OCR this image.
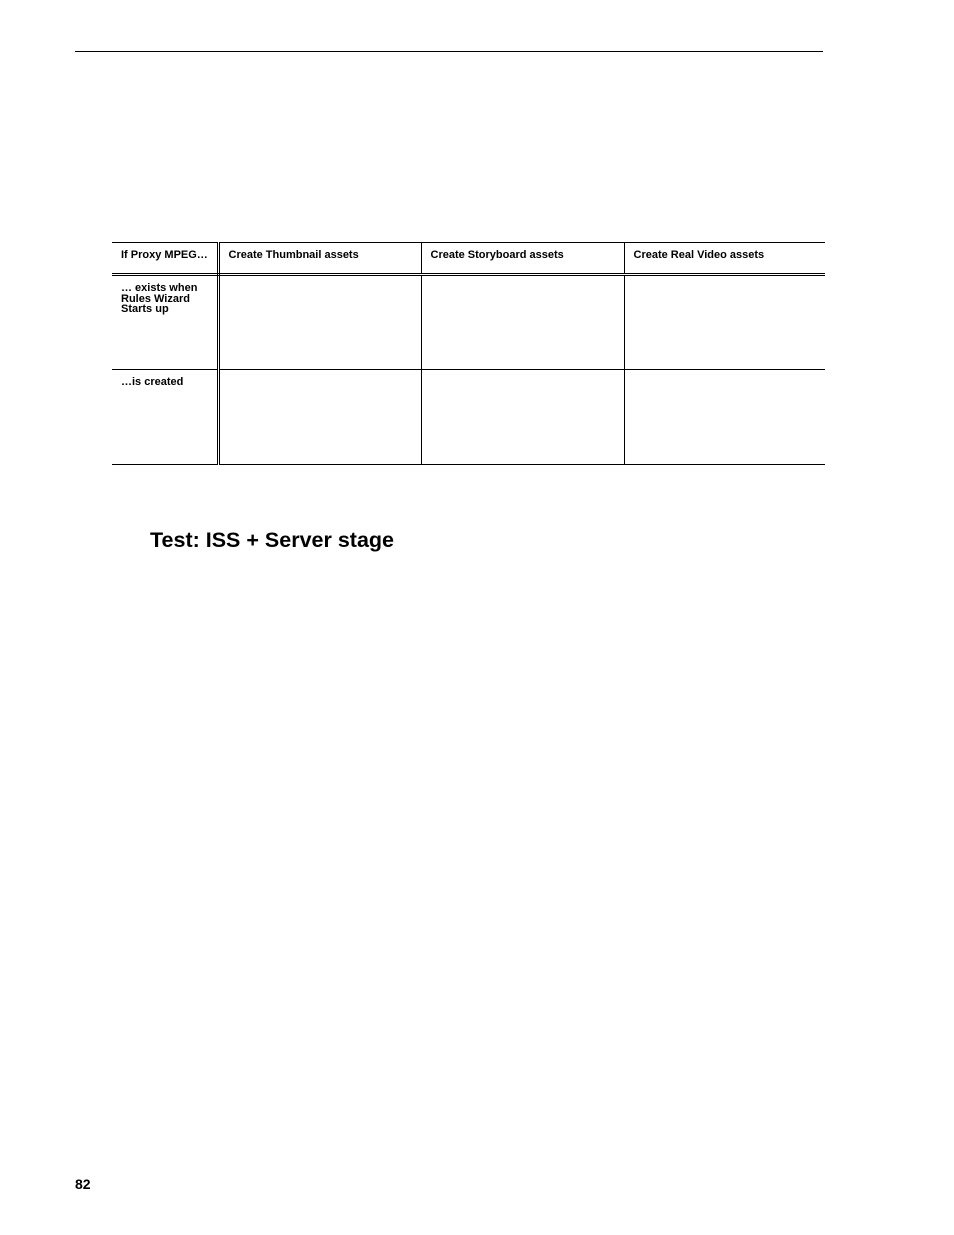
If Proxy MPEG…	Create Thumbnail assets	Create Storyboard assets	Create Real Video assets
… exists when Rules Wizard Starts up			
…is created			
Test: ISS + Server stage
82
